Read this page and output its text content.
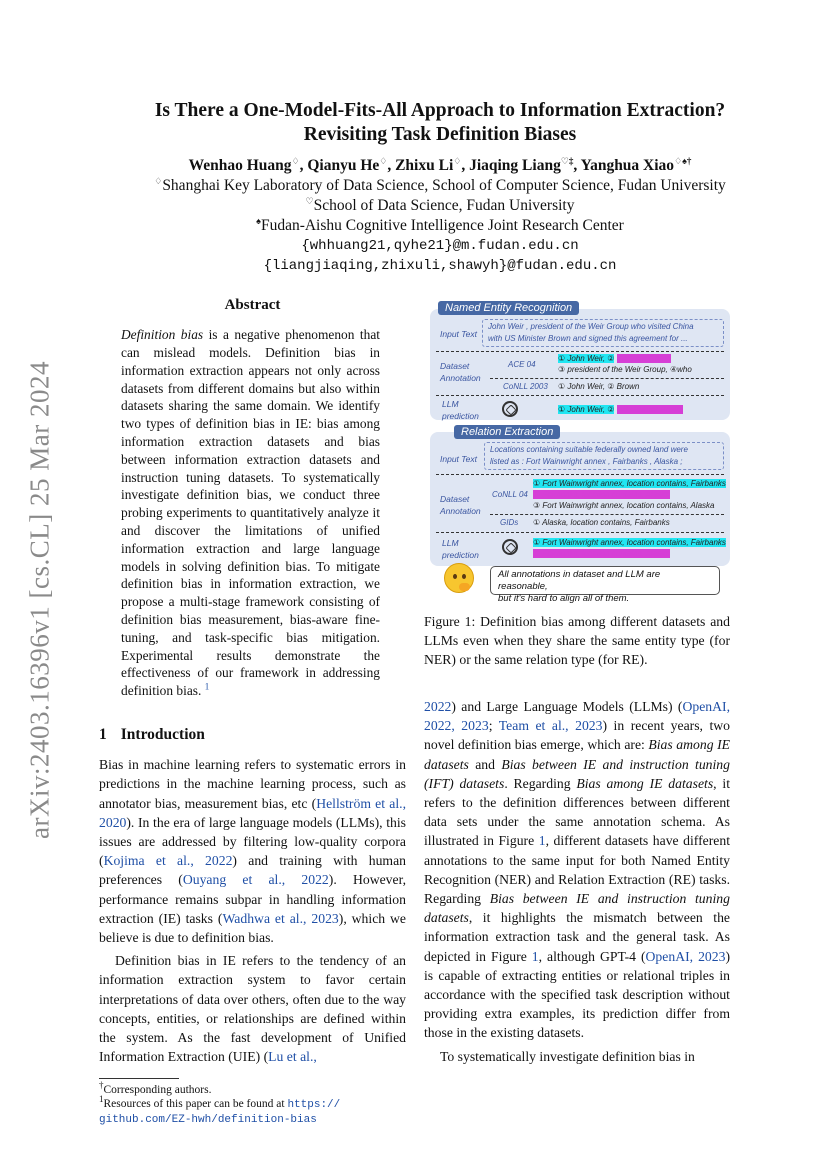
arXiv:2403.16396v1 [cs.CL] 25 Mar 2024
Is There a One-Model-Fits-All Approach to Information Extraction?
Revisiting Task Definition Biases
Wenhao Huang♢, Qianyu He♢, Zhixu Li♢, Jiaqing Liang♡‡, Yanghua Xiao♢♠†
♢Shanghai Key Laboratory of Data Science, School of Computer Science, Fudan University
♡School of Data Science, Fudan University
♠Fudan-Aishu Cognitive Intelligence Joint Research Center
{whhuang21,qyhe21}@m.fudan.edu.cn
{liangjiaqing,zhixuli,shawyh}@fudan.edu.cn
Abstract

Definition bias is a negative phenomenon that can mislead models. Definition bias in information extraction appears not only across datasets from different domains but also within datasets sharing the same domain. We identify two types of definition bias in IE: bias among information extraction datasets and bias between information extraction datasets and instruction tuning datasets. To systematically investigate definition bias, we conduct three probing experiments to quantitatively analyze it and discover the limitations of unified information extraction and large language models in solving definition bias. To mitigate definition bias in information extraction, we propose a multi-stage framework consisting of definition bias measurement, bias-aware fine-tuning, and task-specific bias mitigation. Experimental results demonstrate the effectiveness of our framework in addressing definition bias. $^1$

1 Introduction

Bias in machine learning refers to systematic errors in predictions in the machine learning process, such as annotator bias, measurement bias, etc (Hellström et al., 2020). In the era of large language models (LLMs), this issues are addressed by filtering low-quality corpora (Kojima et al., 2022) and training with human preferences (Ouyang et al., 2022). However, performance remains subpar in handling information extraction (IE) tasks (Wadhwa et al., 2023), which we believe is due to definition bias.

Definition bias in IE refers to the tendency of an information extraction system to favor certain interpretations of data over others, often due to the way concepts, entities, or relationships are defined within the system. As the fast development of Unified Information Extraction (UIE) (Lu et al.,

†Corresponding authors.
$^1$Resources of this paper can be found at https://
github.com/EZ-hwh/definition-bias
Input Text
John Weir , president of the Weir Group who visited China
with US Minister Brown and signed this agreement for ...
Dataset
Annotation
ACE 04
① John Weir, ② the Weir Group
③ president of the Weir Group, ④who
CoNLL 2003 ① John Weir, ② Brown
LLM
prediction
① John Weir, ② US Minister Brown
Named Entity Recognition
Input Text
Locations containing suitable federally owned land were
listed as : Fort Wainwright annex , Fairbanks , Alaska ;
Dataset
Annotation
CoNLL 04
① Fort Wainwright annex, location contains, Fairbanks
② Fairbanks, location contains, Alaska
③ Fort Wainwright annex, location contains, Alaska
GIDs ① Alaska, location contains, Fairbanks
LLM
prediction
① Fort Wainwright annex, location contains, Fairbanks
② Fairbanks, location contains, Alaska
Relation Extraction
All annotations in dataset and LLM are reasonable,
but it's hard to align all of them.
Figure 1: Definition bias among different datasets and LLMs even when they share the same entity type (for NER) or the same relation type (for RE).

2022) and Large Language Models (LLMs) (OpenAI, 2022, 2023; Team et al., 2023) in recent years, two novel definition bias emerge, which are: Bias among IE datasets and Bias between IE and instruction tuning (IFT) datasets. Regarding Bias among IE datasets, it refers to the definition differences between different data sets under the same annotation schema. As illustrated in Figure 1, different datasets have different annotations to the same input for both Named Entity Recognition (NER) and Relation Extraction (RE) tasks. Regarding Bias between IE and instruction tuning datasets, it highlights the mismatch between the information extraction task and the general task. As depicted in Figure 1, although GPT-4 (OpenAI, 2023) is capable of extracting entities or relational triples in accordance with the specified task description without providing extra examples, its prediction differ from those in the existing datasets.

To systematically investigate definition bias in
